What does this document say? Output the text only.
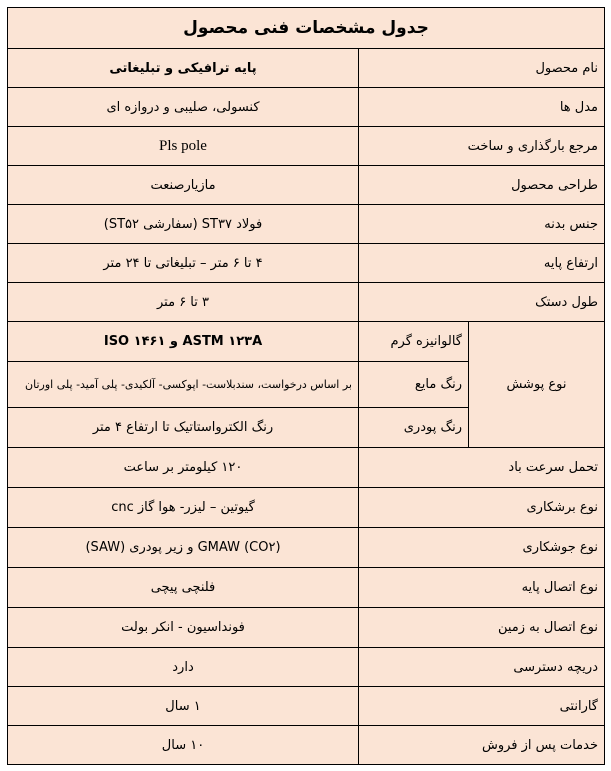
جدول مشخصات فنی محصول		
نام محصول		پایه ترافیکی و تبلیغاتی
مدل ها		کنسولی، صلیبی و دروازه ای
مرجع بارگذاری و ساخت		Pls pole
طراحی محصول		مازیارصنعت
جنس بدنه		فولاد ST۳۷ (سفارشی ST۵۲)
ارتفاع پایه		۴ تا ۶ متر – تبلیغاتی تا ۲۴ متر
طول دستک		۳ تا ۶ متر
نوع پوشش	گالوانیزه گرم	ASTM ۱۲۳A و ISO ۱۴۶۱
	رنگ مایع	بر اساس درخواست، سندبلاست- اپوکسی- آلکیدی- پلی آمید- پلی اورتان
	رنگ پودری	رنگ الکترواستاتیک تا ارتفاع ۴ متر
تحمل سرعت باد		۱۲۰ کیلومتر بر ساعت
نوع برشکاری		گیوتین – لیزر- هوا گاز cnc
نوع جوشکاری		(CO۲) GMAW و زیر پودری (SAW)
نوع اتصال پایه		فلنچی پیچی
نوع اتصال به زمین		فونداسیون - انکر بولت
دریچه دسترسی		دارد
گارانتی		۱ سال
خدمات پس از فروش		۱۰ سال
